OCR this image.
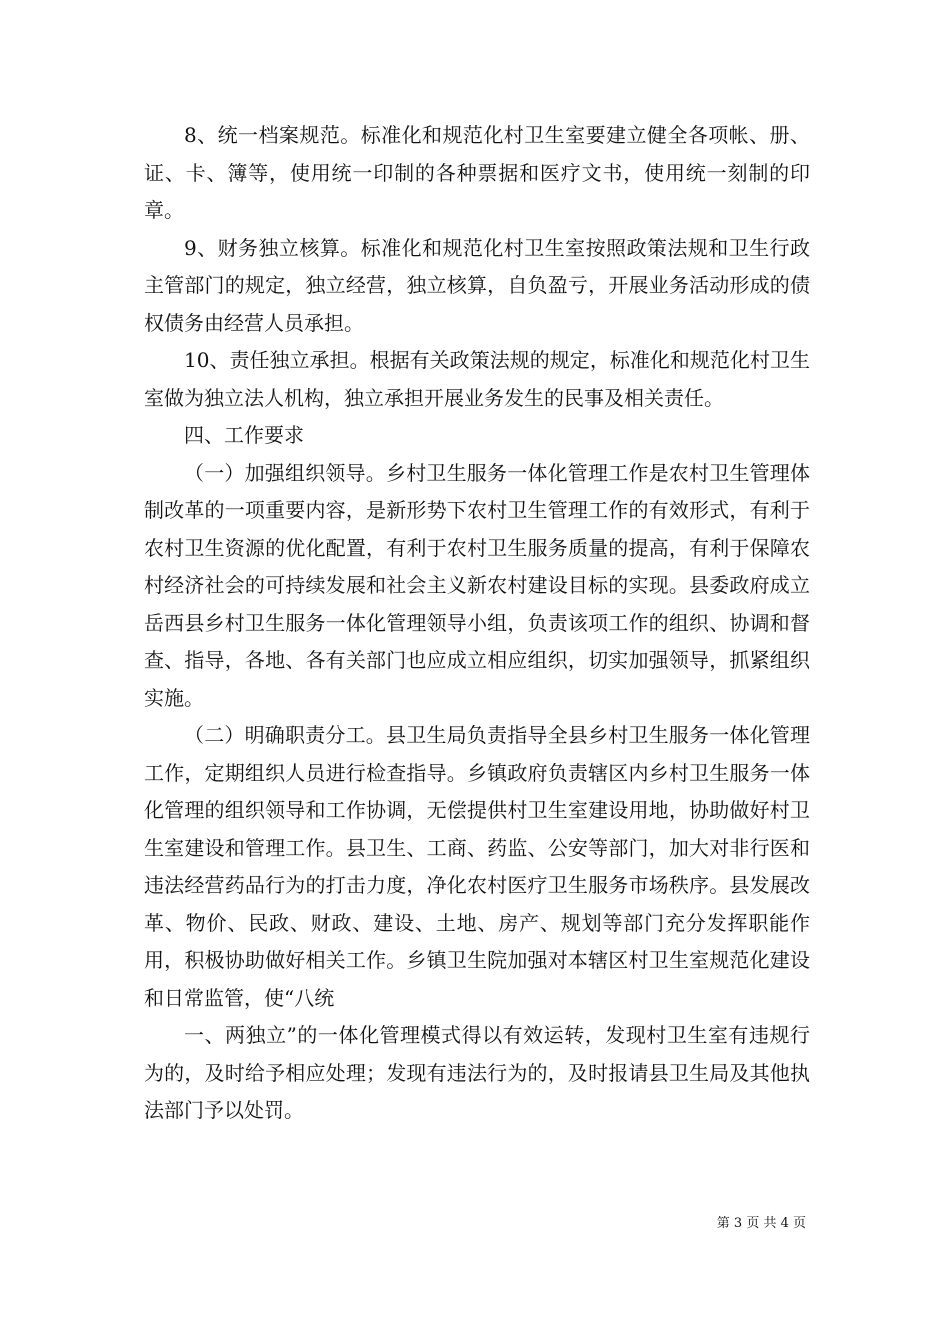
8、统一档案规范。标准化和规范化村卫生室要建立健全各项帐、册、证、卡、簿等，使用统一印制的各种票据和医疗文书，使用统一刻制的印章。

9、财务独立核算。标准化和规范化村卫生室按照政策法规和卫生行政主管部门的规定，独立经营，独立核算，自负盈亏，开展业务活动形成的债权债务由经营人员承担。

10、责任独立承担。根据有关政策法规的规定，标准化和规范化村卫生室做为独立法人机构，独立承担开展业务发生的民事及相关责任。

四、工作要求

（一）加强组织领导。乡村卫生服务一体化管理工作是农村卫生管理体制改革的一项重要内容，是新形势下农村卫生管理工作的有效形式，有利于农村卫生资源的优化配置，有利于农村卫生服务质量的提高，有利于保障农村经济社会的可持续发展和社会主义新农村建设目标的实现。县委政府成立岳西县乡村卫生服务一体化管理领导小组，负责该项工作的组织、协调和督查、指导，各地、各有关部门也应成立相应组织，切实加强领导，抓紧组织实施。

（二）明确职责分工。县卫生局负责指导全县乡村卫生服务一体化管理工作，定期组织人员进行检查指导。乡镇政府负责辖区内乡村卫生服务一体化管理的组织领导和工作协调，无偿提供村卫生室建设用地，协助做好村卫生室建设和管理工作。县卫生、工商、药监、公安等部门，加大对非行医和违法经营药品行为的打击力度，净化农村医疗卫生服务市场秩序。县发展改革、物价、民政、财政、建设、土地、房产、规划等部门充分发挥职能作用，积极协助做好相关工作。乡镇卫生院加强对本辖区村卫生室规范化建设和日常监管，使“八统

一、两独立”的一体化管理模式得以有效运转，发现村卫生室有违规行为的，及时给予相应处理；发现有违法行为的，及时报请县卫生局及其他执法部门予以处罚。

第 3 页 共 4 页
